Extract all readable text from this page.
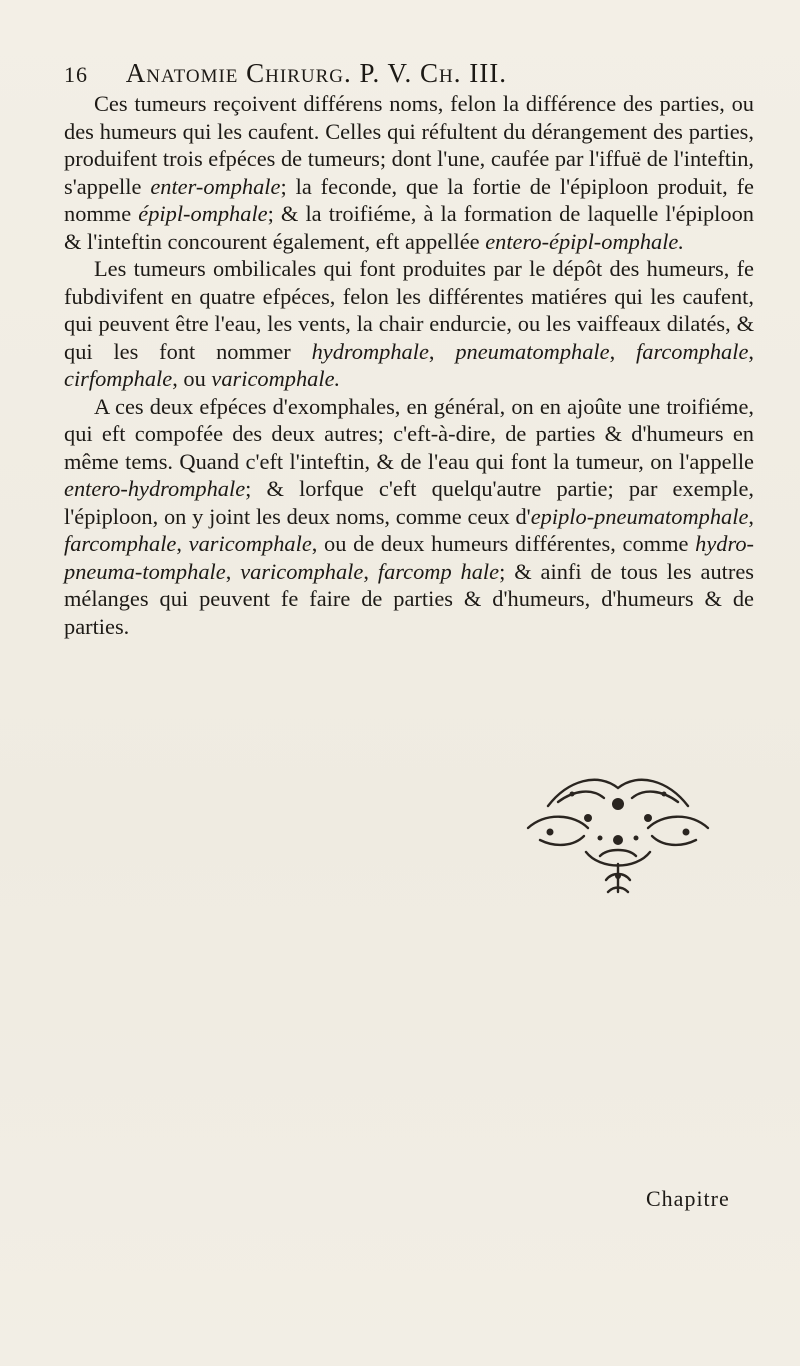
16 Anatomie Chirurg. P. V. Ch. III.

Ces tumeurs reçoivent différens noms, felon la différence des parties, ou des humeurs qui les caufent. Celles qui réfultent du dérangement des parties, produifent trois efpéces de tumeurs; dont l'une, caufée par l'iffuë de l'inteftin, s'appelle enter-omphale; la feconde, que la fortie de l'épiploon produit, fe nomme épipl-omphale; & la troifiéme, à la formation de laquelle l'épiploon & l'inteftin concourent également, eft appellée entero-épipl-omphale.

Les tumeurs ombilicales qui font produites par le dépôt des humeurs, fe fubdivifent en quatre efpéces, felon les différentes matiéres qui les caufent, qui peuvent être l'eau, les vents, la chair endurcie, ou les vaiffeaux dilatés, & qui les font nommer hydromphale, pneumatomphale, farcomphale, cirfomphale, ou varicomphale.

A ces deux efpéces d'exomphales, en général, on en ajoûte une troifiéme, qui eft compofée des deux autres; c'eft-à-dire, de parties & d'humeurs en même tems. Quand c'eft l'inteftin, & de l'eau qui font la tumeur, on l'appelle entero-hydromphale; & lorfque c'eft quelqu'autre partie; par exemple, l'épiploon, on y joint les deux noms, comme ceux d'epiplo-pneumatomphale, farcomphale, varicomphale, ou de deux humeurs différentes, comme hydro-pneuma-tomphale, varicomphale, farcomp hale; & ainfi de tous les autres mélanges qui peuvent fe faire de parties & d'humeurs, d'humeurs & de parties.

Chapitre
